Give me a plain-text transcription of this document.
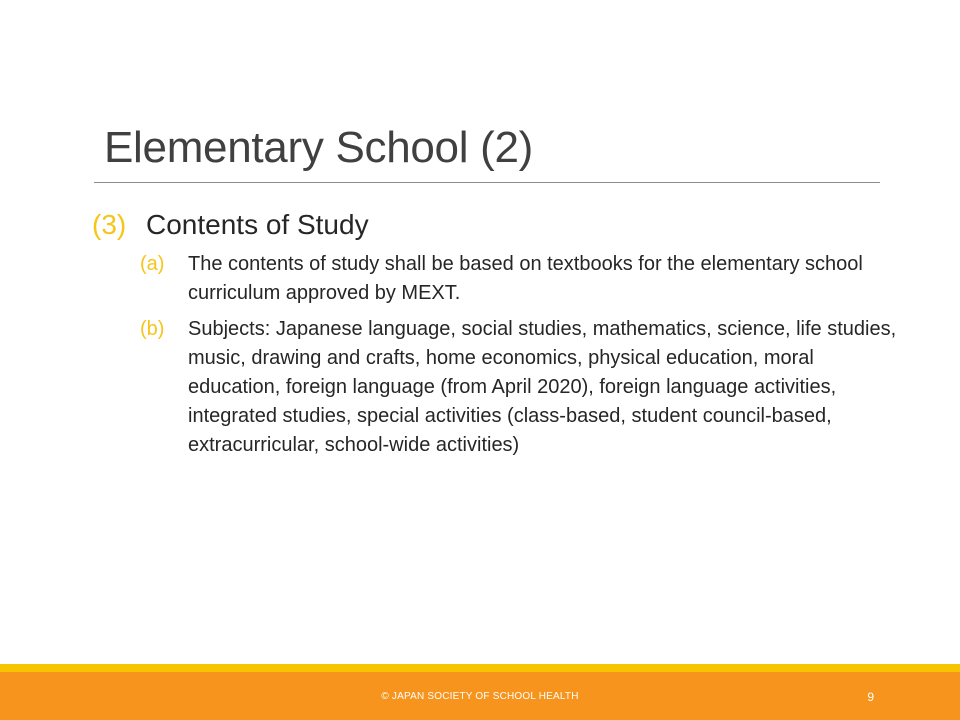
Elementary School (2)
(3) Contents of Study
(a) The contents of study shall be based on textbooks for the elementary school curriculum approved by MEXT.
(b) Subjects: Japanese language, social studies, mathematics, science, life studies, music, drawing and crafts, home economics, physical education, moral education, foreign language (from April 2020), foreign language activities, integrated studies, special activities (class-based, student council-based, extracurricular, school-wide activities)
© JAPAN SOCIETY OF SCHOOL HEALTH	9
